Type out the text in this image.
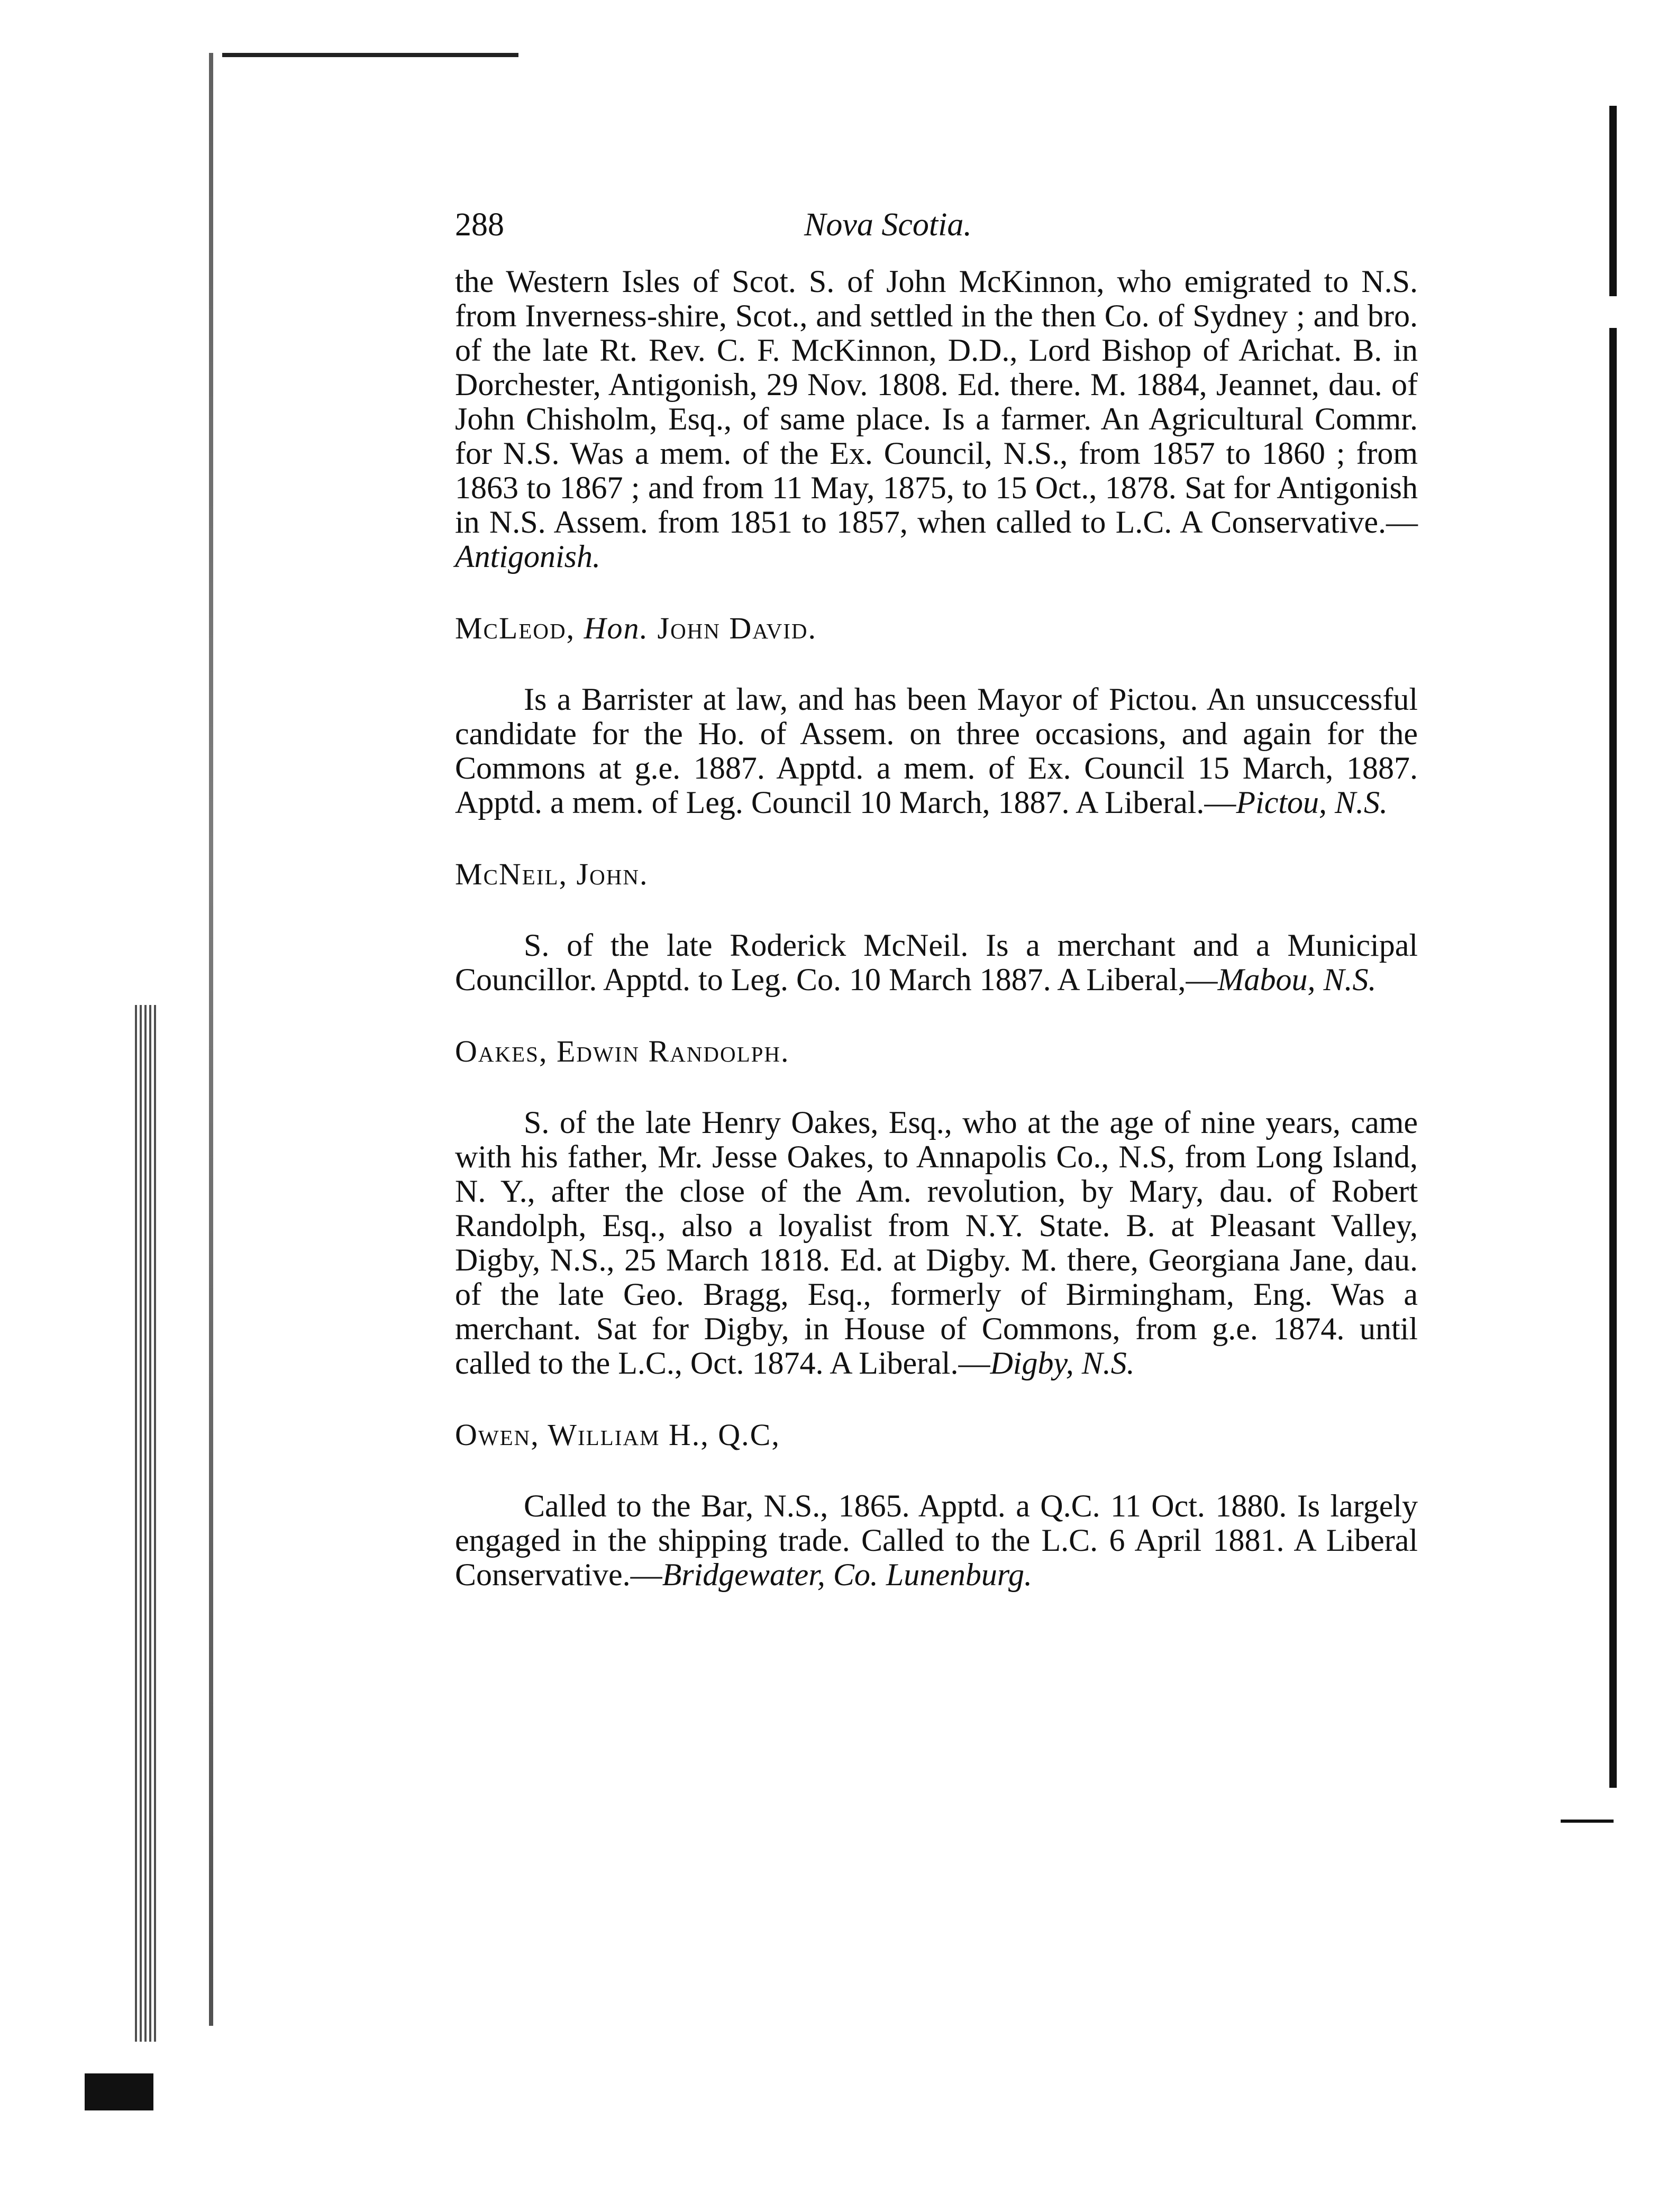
288	Nova Scotia.

the Western Isles of Scot. S. of John McKinnon, who emigrated to N.S. from Inverness-shire, Scot., and settled in the then Co. of Sydney ; and bro. of the late Rt. Rev. C. F. McKinnon, D.D., Lord Bishop of Arichat. B. in Dorchester, Antigonish, 29 Nov. 1808. Ed. there. M. 1884, Jeannet, dau. of John Chisholm, Esq., of same place. Is a farmer. An Agricultural Commr. for N.S. Was a mem. of the Ex. Council, N.S., from 1857 to 1860 ; from 1863 to 1867 ; and from 11 May, 1875, to 15 Oct., 1878. Sat for Antigonish in N.S. Assem. from 1851 to 1857, when called to L.C. A Conservative.—Antigonish.

McLeod, Hon. John David.

Is a Barrister at law, and has been Mayor of Pictou. An unsuccessful candidate for the Ho. of Assem. on three occasions, and again for the Commons at g.e. 1887. Apptd. a mem. of Ex. Council 15 March, 1887. Apptd. a mem. of Leg. Council 10 March, 1887. A Liberal.—Pictou, N.S.

McNeil, John.

S. of the late Roderick McNeil. Is a merchant and a Municipal Councillor. Apptd. to Leg. Co. 10 March 1887. A Liberal,—Mabou, N.S.

Oakes, Edwin Randolph.

S. of the late Henry Oakes, Esq., who at the age of nine years, came with his father, Mr. Jesse Oakes, to Annapolis Co., N.S, from Long Island, N. Y., after the close of the Am. revolution, by Mary, dau. of Robert Randolph, Esq., also a loyalist from N.Y. State. B. at Pleasant Valley, Digby, N.S., 25 March 1818. Ed. at Digby. M. there, Georgiana Jane, dau. of the late Geo. Bragg, Esq., formerly of Birmingham, Eng. Was a merchant. Sat for Digby, in House of Commons, from g.e. 1874. until called to the L.C., Oct. 1874. A Liberal.—Digby, N.S.

Owen, William H., Q.C,

Called to the Bar, N.S., 1865. Apptd. a Q.C. 11 Oct. 1880. Is largely engaged in the shipping trade. Called to the L.C. 6 April 1881. A Liberal Conservative.—Bridgewater, Co. Lunenburg.
